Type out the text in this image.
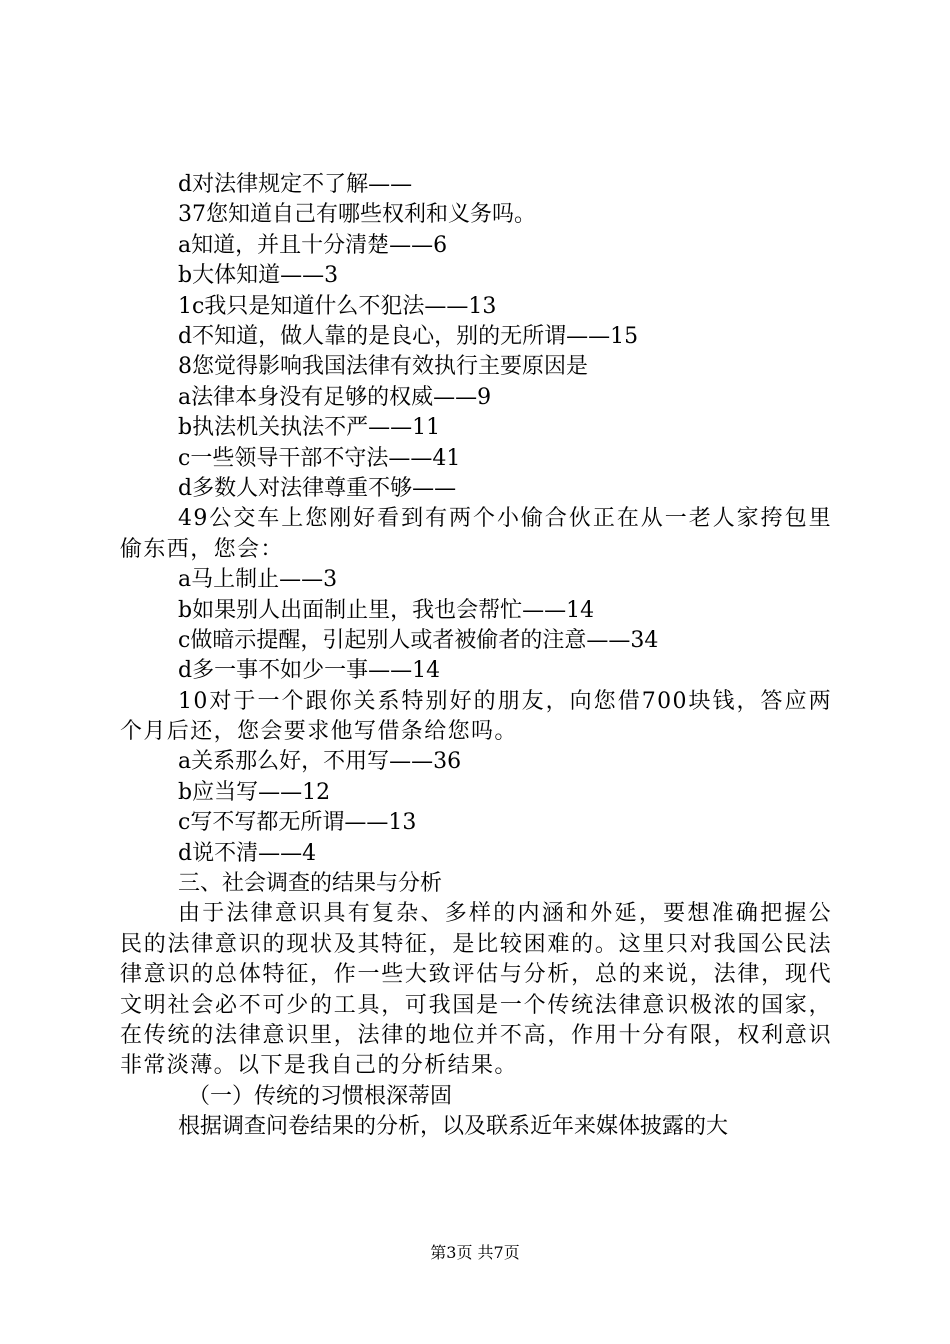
d对法律规定不了解——
37您知道自己有哪些权利和义务吗。
a知道，并且十分清楚——6
b大体知道——3
1c我只是知道什么不犯法——13
d不知道，做人靠的是良心，别的无所谓——15
8您觉得影响我国法律有效执行主要原因是
a法律本身没有足够的权威——9
b执法机关执法不严——11
c一些领导干部不守法——41
d多数人对法律尊重不够——

49公交车上您刚好看到有两个小偷合伙正在从一老人家挎包里偷东西，您会：

a马上制止——3
b如果别人出面制止里，我也会帮忙——14
c做暗示提醒，引起别人或者被偷者的注意——34
d多一事不如少一事——14

10对于一个跟你关系特别好的朋友，向您借700块钱，答应两个月后还，您会要求他写借条给您吗。

a关系那么好，不用写——36
b应当写——12
c写不写都无所谓——13
d说不清——4
三、社会调查的结果与分析

由于法律意识具有复杂、多样的内涵和外延，要想准确把握公民的法律意识的现状及其特征，是比较困难的。这里只对我国公民法律意识的总体特征，作一些大致评估与分析，总的来说，法律，现代文明社会必不可少的工具，可我国是一个传统法律意识极浓的国家，在传统的法律意识里，法律的地位并不高，作用十分有限，权利意识非常淡薄。以下是我自己的分析结果。

（一）传统的习惯根深蒂固
根据调查问卷结果的分析，以及联系近年来媒体披露的大
第3页 共7页
